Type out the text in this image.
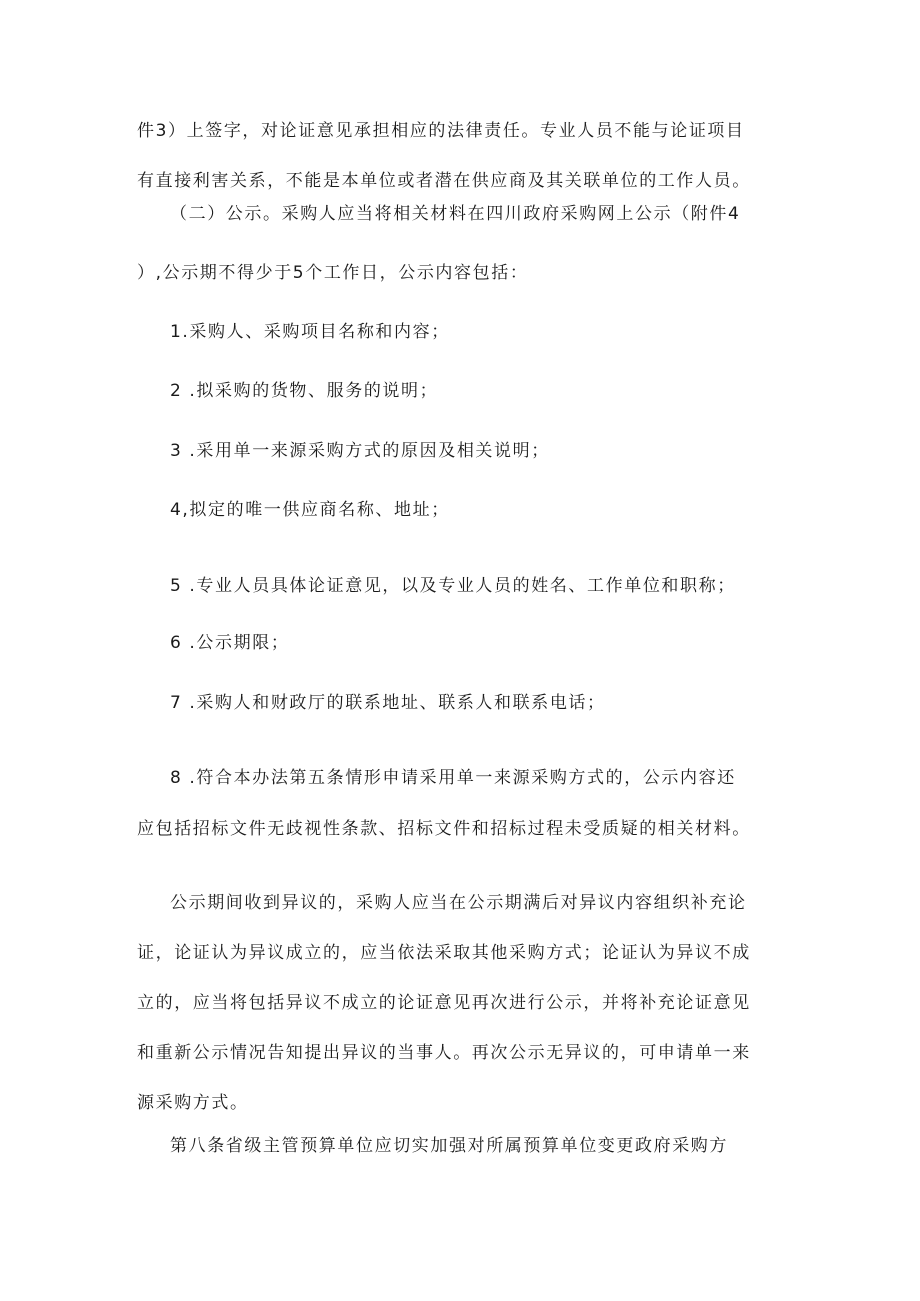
件3）上签字，对论证意见承担相应的法律责任。专业人员不能与论证项目
有直接利害关系，不能是本单位或者潜在供应商及其关联单位的工作人员。
（二）公示。采购人应当将相关材料在四川政府采购网上公示（附件4
）,公示期不得少于5个工作日，公示内容包括：
1.采购人、采购项目名称和内容；
2 .拟采购的货物、服务的说明；
3 .采用单一来源采购方式的原因及相关说明；
4,拟定的唯一供应商名称、地址；
5 .专业人员具体论证意见，以及专业人员的姓名、工作单位和职称；
6 .公示期限；
7 .采购人和财政厅的联系地址、联系人和联系电话；
8 .符合本办法第五条情形申请采用单一来源采购方式的，公示内容还
应包括招标文件无歧视性条款、招标文件和招标过程未受质疑的相关材料。
公示期间收到异议的，采购人应当在公示期满后对异议内容组织补充论
证，论证认为异议成立的，应当依法采取其他采购方式；论证认为异议不成
立的，应当将包括异议不成立的论证意见再次进行公示，并将补充论证意见
和重新公示情况告知提出异议的当事人。再次公示无异议的，可申请单一来
源采购方式。
第八条省级主管预算单位应切实加强对所属预算单位变更政府采购方
